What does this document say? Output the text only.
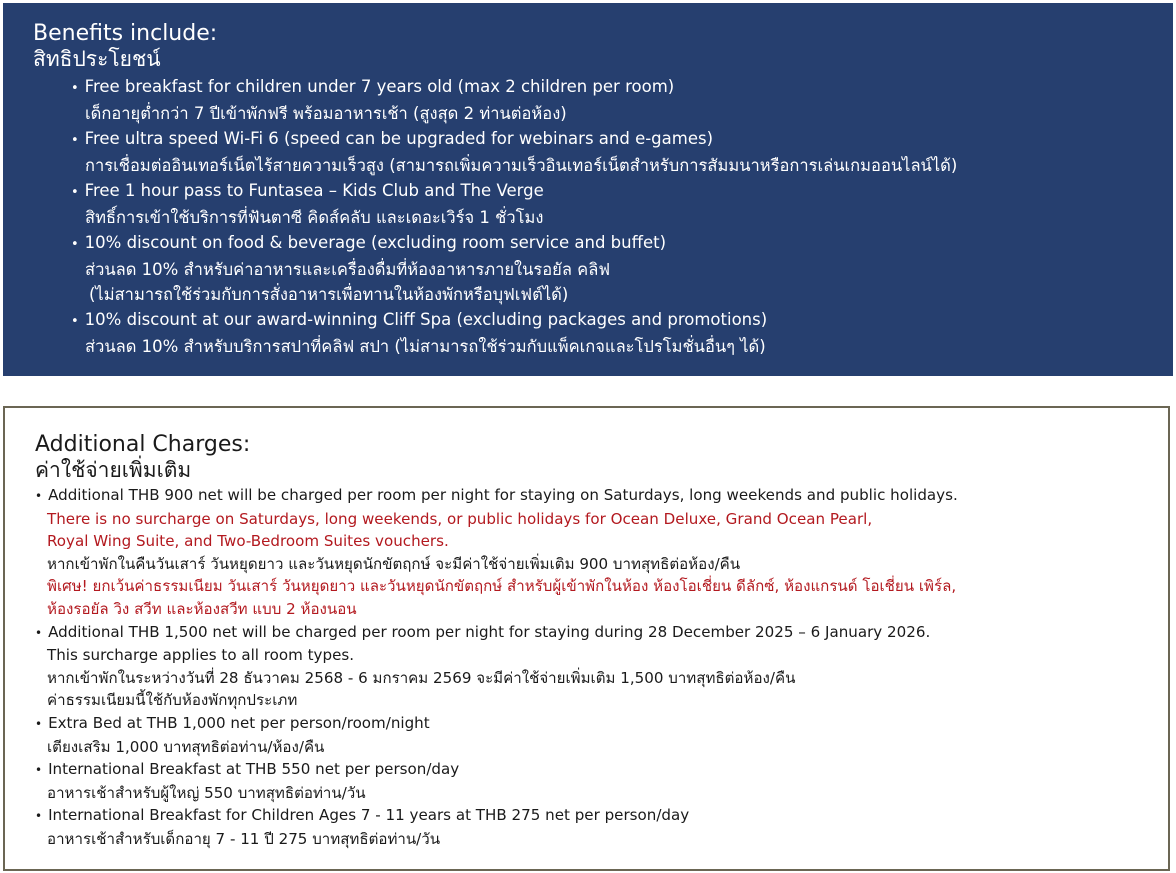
Benefits include:
สิทธิประโยชน์
• Free breakfast for children under 7 years old (max 2 children per room)
เด็กอายุต่ำกว่า 7 ปีเข้าพักฟรี พร้อมอาหารเช้า (สูงสุด 2 ท่านต่อห้อง)
• Free ultra speed Wi-Fi 6 (speed can be upgraded for webinars and e-games)
การเชื่อมต่ออินเทอร์เน็ตไร้สายความเร็วสูง (สามารถเพิ่มความเร็วอินเทอร์เน็ตสำหรับการสัมมนาหรือการเล่นเกมออนไลน์ได้)
• Free 1 hour pass to Funtasea – Kids Club and The Verge
สิทธิ์การเข้าใช้บริการที่ฟันตาซี คิดส์คลับ และเดอะเวิร์จ 1 ชั่วโมง
• 10% discount on food & beverage (excluding room service and buffet)
ส่วนลด 10% สำหรับค่าอาหารและเครื่องดื่มที่ห้องอาหารภายในรอยัล คลิฟ
(ไม่สามารถใช้ร่วมกับการสั่งอาหารเพื่อทานในห้องพักหรือบุฟเฟต์ได้)
• 10% discount at our award-winning Cliff Spa (excluding packages and promotions)
ส่วนลด 10% สำหรับบริการสปาที่คลิฟ สปา (ไม่สามารถใช้ร่วมกับแพ็คเกจและโปรโมชั่นอื่นๆ ได้)
Additional Charges:
ค่าใช้จ่ายเพิ่มเติม
• Additional THB 900 net will be charged per room per night for staying on Saturdays, long weekends and public holidays.
There is no surcharge on Saturdays, long weekends, or public holidays for Ocean Deluxe, Grand Ocean Pearl,
Royal Wing Suite, and Two-Bedroom Suites vouchers.
หากเข้าพักในคืนวันเสาร์ วันหยุดยาว และวันหยุดนักขัตฤกษ์ จะมีค่าใช้จ่ายเพิ่มเติม 900 บาทสุทธิต่อห้อง/คืน
พิเศษ! ยกเว้นค่าธรรมเนียม วันเสาร์ วันหยุดยาว และวันหยุดนักขัตฤกษ์ สำหรับผู้เข้าพักในห้อง ห้องโอเชี่ยน ดีลักซ์, ห้องแกรนด์ โอเชี่ยน เพิร์ล,
ห้องรอยัล วิง สวีท และห้องสวีท แบบ 2 ห้องนอน
• Additional THB 1,500 net will be charged per room per night for staying during 28 December 2025 – 6 January 2026.
This surcharge applies to all room types.
หากเข้าพักในระหว่างวันที่ 28 ธันวาคม 2568 - 6 มกราคม 2569 จะมีค่าใช้จ่ายเพิ่มเติม 1,500 บาทสุทธิต่อห้อง/คืน
ค่าธรรมเนียมนี้ใช้กับห้องพักทุกประเภท
• Extra Bed at THB 1,000 net per person/room/night
เตียงเสริม 1,000 บาทสุทธิต่อท่าน/ห้อง/คืน
• International Breakfast at THB 550 net per person/day
อาหารเช้าสำหรับผู้ใหญ่ 550 บาทสุทธิต่อท่าน/วัน
• International Breakfast for Children Ages 7 - 11 years at THB 275 net per person/day
อาหารเช้าสำหรับเด็กอายุ 7 - 11 ปี 275 บาทสุทธิต่อท่าน/วัน
